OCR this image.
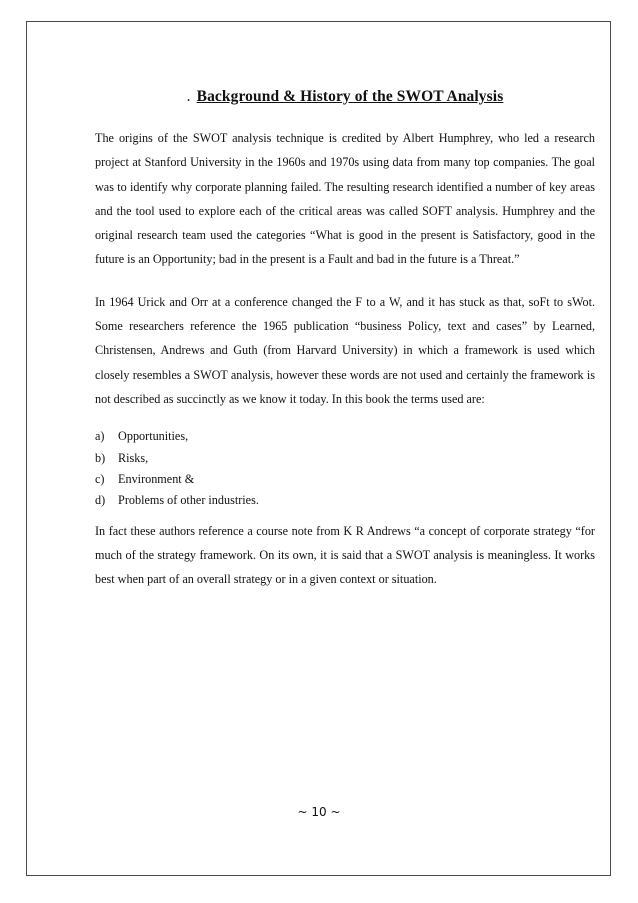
. Background & History of the SWOT Analysis

The origins of the SWOT analysis technique is credited by Albert Humphrey, who led a research project at Stanford University in the 1960s and 1970s using data from many top companies. The goal was to identify why corporate planning failed. The resulting research identified a number of key areas and the tool used to explore each of the critical areas was called SOFT analysis. Humphrey and the original research team used the categories “What is good in the present is Satisfactory, good in the future is an Opportunity; bad in the present is a Fault and bad in the future is a Threat.”

In 1964 Urick and Orr at a conference changed the F to a W, and it has stuck as that, soFt to sWot. Some researchers reference the 1965 publication “business Policy, text and cases” by Learned, Christensen, Andrews and Guth (from Harvard University) in which a framework is used which closely resembles a SWOT analysis, however these words are not used and certainly the framework is not described as succinctly as we know it today. In this book the terms used are:

a) Opportunities,
b) Risks,
c) Environment &
d) Problems of other industries.

In fact these authors reference a course note from K R Andrews “a concept of corporate strategy “for much of the strategy framework. On its own, it is said that a SWOT analysis is meaningless. It works best when part of an overall strategy or in a given context or situation.

~ 10 ~
